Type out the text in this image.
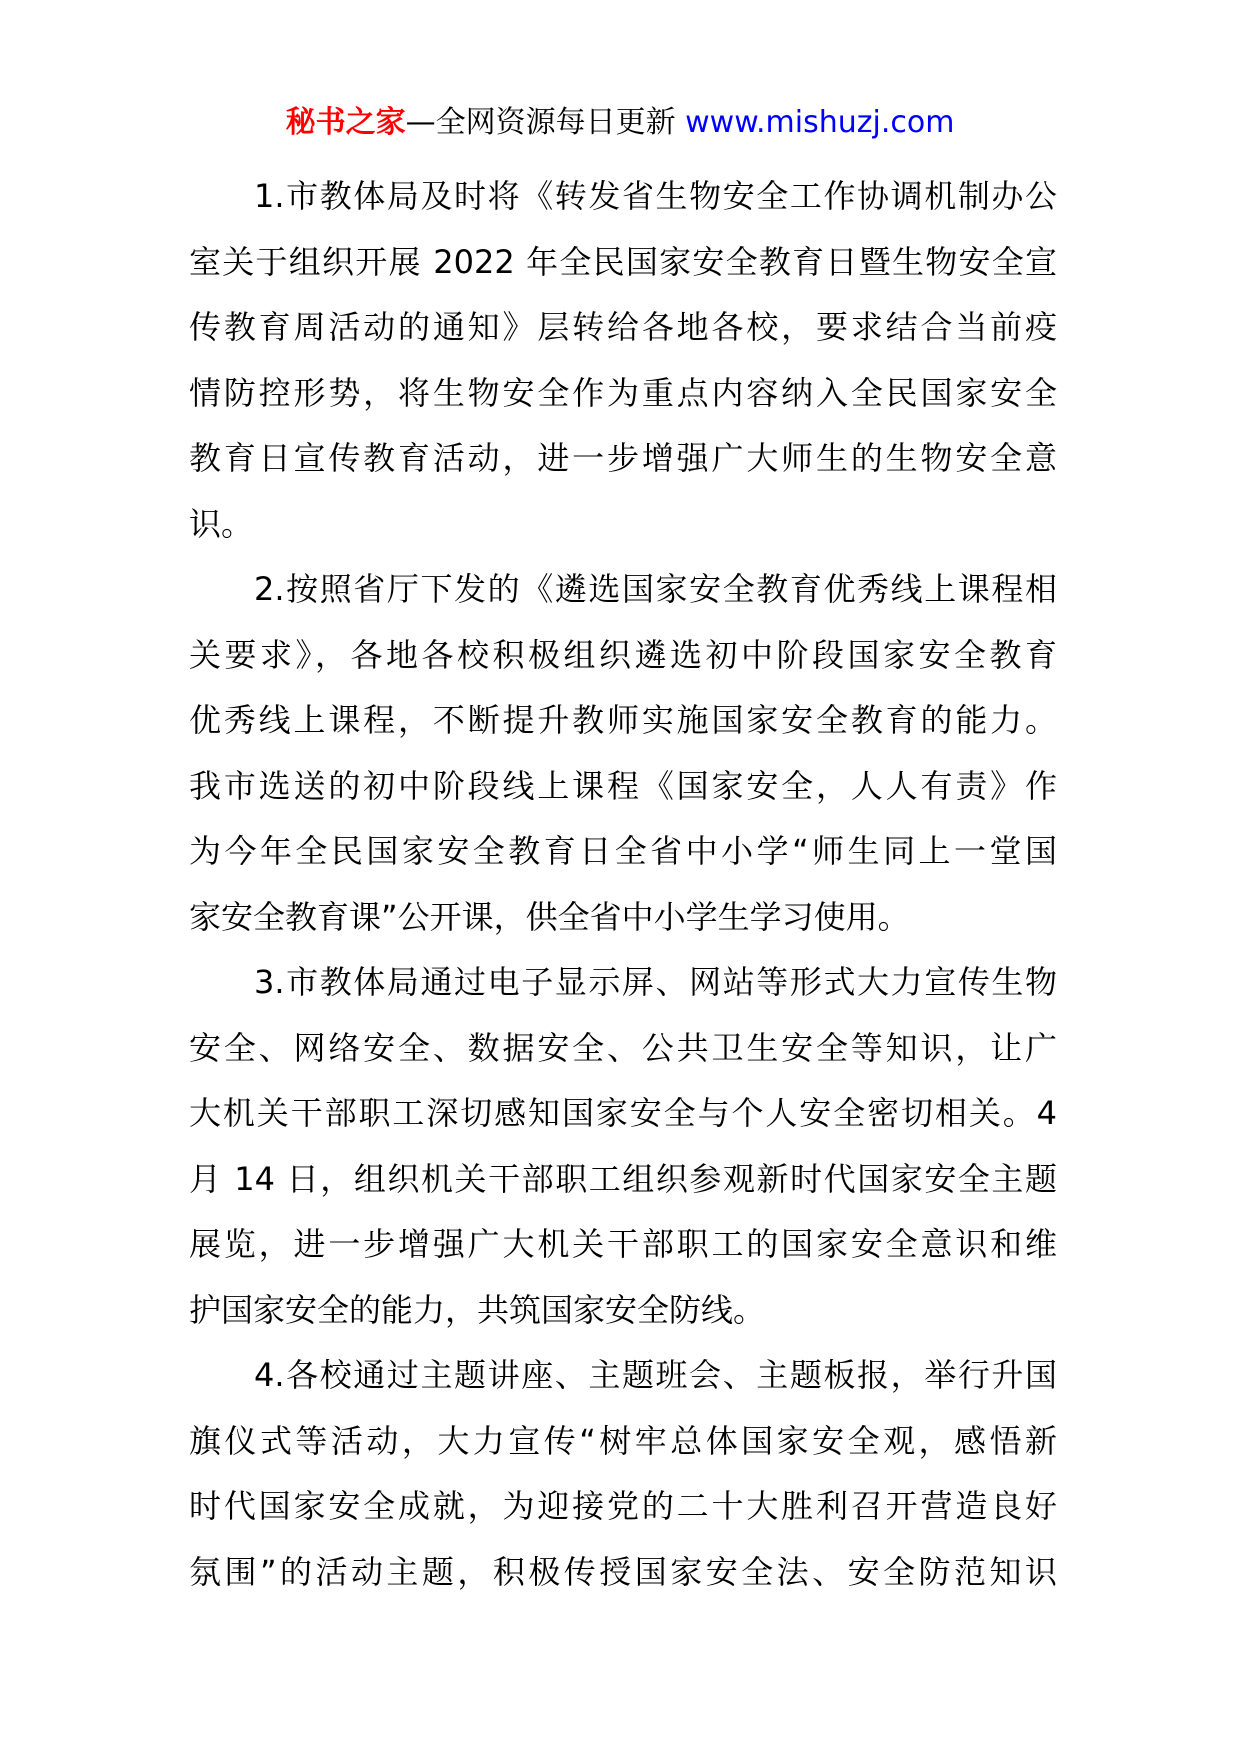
秘书之家—全网资源每日更新 www.mishuzj.com
1.市教体局及时将《转发省生物安全工作协调机制办公
室关于组织开展 2022 年全民国家安全教育日暨生物安全宣
传教育周活动的通知》层转给各地各校，要求结合当前疫
情防控形势，将生物安全作为重点内容纳入全民国家安全
教育日宣传教育活动，进一步增强广大师生的生物安全意
识。
2.按照省厅下发的《遴选国家安全教育优秀线上课程相
关要求》，各地各校积极组织遴选初中阶段国家安全教育
优秀线上课程，不断提升教师实施国家安全教育的能力。
我市选送的初中阶段线上课程《国家安全，人人有责》作
为今年全民国家安全教育日全省中小学“师生同上一堂国
家安全教育课”公开课，供全省中小学生学习使用。
3.市教体局通过电子显示屏、网站等形式大力宣传生物
安全、网络安全、数据安全、公共卫生安全等知识，让广
大机关干部职工深切感知国家安全与个人安全密切相关。4
月 14 日，组织机关干部职工组织参观新时代国家安全主题
展览，进一步增强广大机关干部职工的国家安全意识和维
护国家安全的能力，共筑国家安全防线。
4.各校通过主题讲座、主题班会、主题板报，举行升国
旗仪式等活动，大力宣传“树牢总体国家安全观，感悟新
时代国家安全成就，为迎接党的二十大胜利召开营造良好
氛围”的活动主题，积极传授国家安全法、安全防范知识
